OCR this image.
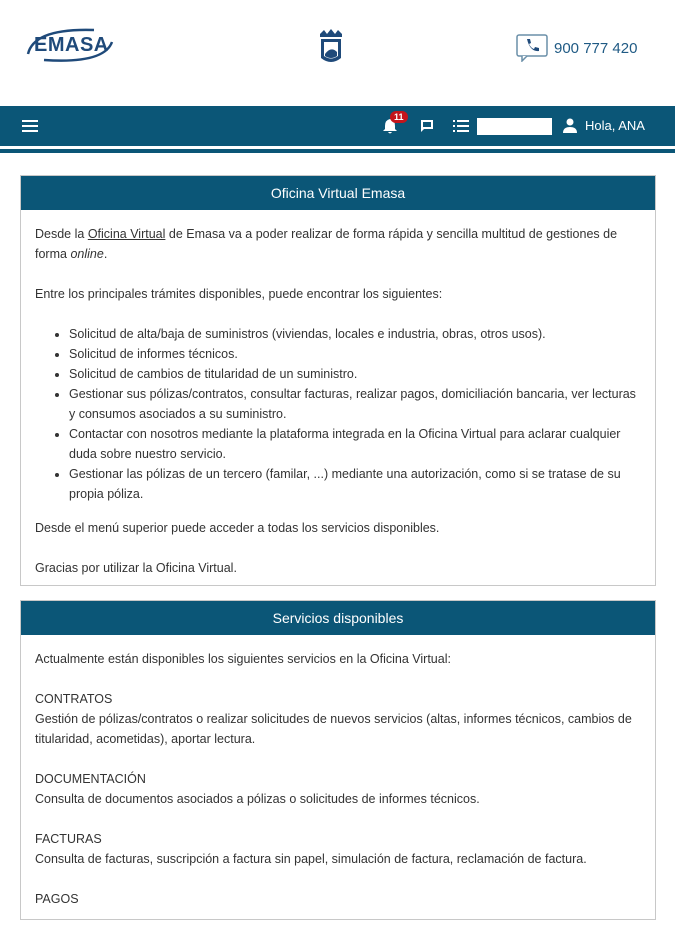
EMASA	900 777 420
11
Hola, ANA
Oficina Virtual Emasa

Desde la Oficina Virtual de Emasa va a poder realizar de forma rápida y sencilla multitud de gestiones de forma online.

Entre los principales trámites disponibles, puede encontrar los siguientes:

• Solicitud de alta/baja de suministros (viviendas, locales e industria, obras, otros usos).
• Solicitud de informes técnicos.
• Solicitud de cambios de titularidad de un suministro.
• Gestionar sus pólizas/contratos, consultar facturas, realizar pagos, domiciliación bancaria, ver lecturas y consumos asociados a su suministro.
• Contactar con nosotros mediante la plataforma integrada en la Oficina Virtual para aclarar cualquier duda sobre nuestro servicio.
• Gestionar las pólizas de un tercero (familar, ...) mediante una autorización, como si se tratase de su propia póliza.

Desde el menú superior puede acceder a todas los servicios disponibles.

Gracias por utilizar la Oficina Virtual.

Servicios disponibles

Actualmente están disponibles los siguientes servicios en la Oficina Virtual:

CONTRATOS
Gestión de pólizas/contratos o realizar solicitudes de nuevos servicios (altas, informes técnicos, cambios de titularidad, acometidas), aportar lectura.

DOCUMENTACIÓN
Consulta de documentos asociados a pólizas o solicitudes de informes técnicos.

FACTURAS
Consulta de facturas, suscripción a factura sin papel, simulación de factura, reclamación de factura.

PAGOS
